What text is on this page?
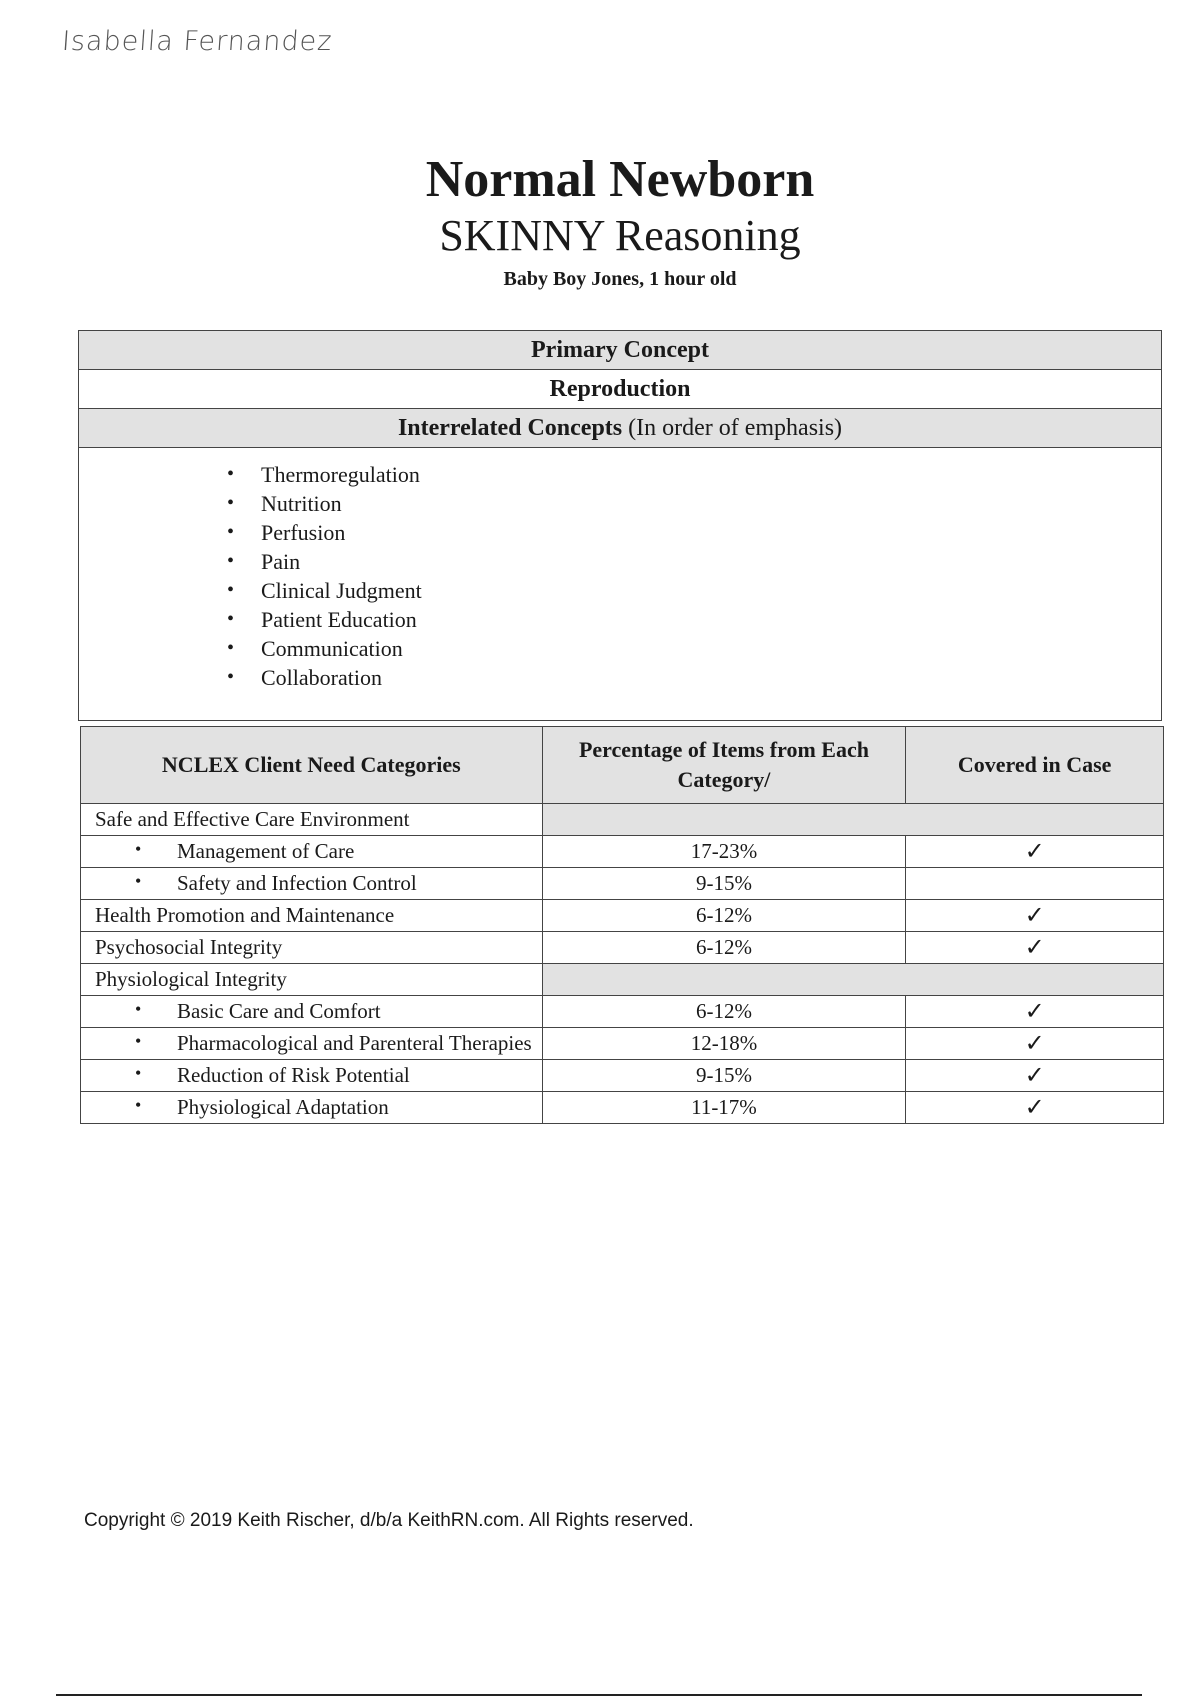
Isabella Fernandez
Normal Newborn
SKINNY Reasoning
Baby Boy Jones, 1 hour old
Primary Concept
Reproduction
Interrelated Concepts (In order of emphasis)

• Thermoregulation
• Nutrition
• Perfusion
• Pain
• Clinical Judgment
• Patient Education
• Communication
• Collaboration
NCLEX Client Need Categories	Percentage of Items from Each Category/	Covered in Case
Safe and Effective Care Environment		

• Management of Care	17-23%	✓

• Safety and Infection Control	9-15%	
Health Promotion and Maintenance	6-12%	✓
Psychosocial Integrity	6-12%	✓
Physiological Integrity		

• Basic Care and Comfort	6-12%	✓

• Pharmacological and Parenteral Therapies	12-18%	✓

• Reduction of Risk Potential	9-15%	✓

• Physiological Adaptation	11-17%	✓
Copyright © 2019 Keith Rischer, d/b/a KeithRN.com. All Rights reserved.
